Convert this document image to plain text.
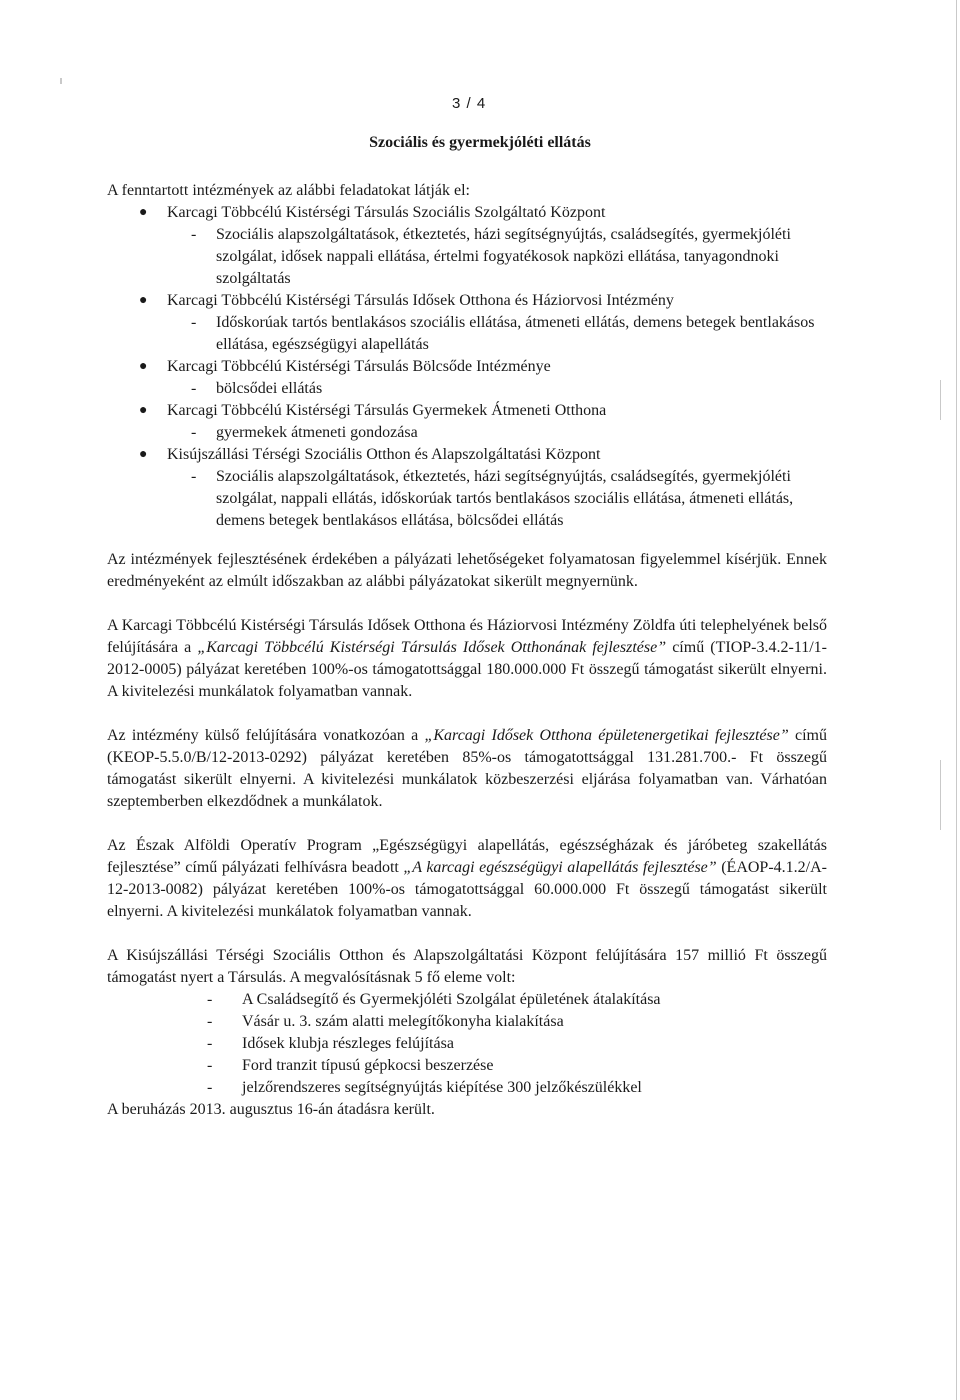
3 / 4
Szociális és gyermekjóléti ellátás

A fenntartott intézmények az alábbi feladatokat látják el:

● Karcagi Többcélú Kistérségi Társulás Szociális Szolgáltató Központ
- Szociális alapszolgáltatások, étkeztetés, házi segítségnyújtás, családsegítés, gyermekjóléti szolgálat, idősek nappali ellátása, értelmi fogyatékosok napközi ellátása, tanyagondnoki szolgáltatás
● Karcagi Többcélú Kistérségi Társulás Idősek Otthona és Háziorvosi Intézmény
- Időskorúak tartós bentlakásos szociális ellátása, átmeneti ellátás, demens betegek bentlakásos ellátása, egészségügyi alapellátás
● Karcagi Többcélú Kistérségi Társulás Bölcsőde Intézménye
- bölcsődei ellátás
● Karcagi Többcélú Kistérségi Társulás Gyermekek Átmeneti Otthona
- gyermekek átmeneti gondozása
● Kisújszállási Térségi Szociális Otthon és Alapszolgáltatási Központ
- Szociális alapszolgáltatások, étkeztetés, házi segítségnyújtás, családsegítés, gyermekjóléti szolgálat, nappali ellátás, időskorúak tartós bentlakásos szociális ellátása, átmeneti ellátás, demens betegek bentlakásos ellátása, bölcsődei ellátás

Az intézmények fejlesztésének érdekében a pályázati lehetőségeket folyamatosan figyelemmel kísérjük. Ennek eredményeként az elmúlt időszakban az alábbi pályázatokat sikerült megnyernünk.

A Karcagi Többcélú Kistérségi Társulás Idősek Otthona és Háziorvosi Intézmény Zöldfa úti telephelyének belső felújítására a „Karcagi Többcélú Kistérségi Társulás Idősek Otthonának fejlesztése” című (TIOP-3.4.2-11/1-2012-0005) pályázat keretében 100%-os támogatottsággal 180.000.000 Ft összegű támogatást sikerült elnyerni. A kivitelezési munkálatok folyamatban vannak.

Az intézmény külső felújítására vonatkozóan a „Karcagi Idősek Otthona épületenergetikai fejlesztése” című (KEOP-5.5.0/B/12-2013-0292) pályázat keretében 85%-os támogatottsággal 131.281.700.- Ft összegű támogatást sikerült elnyerni. A kivitelezési munkálatok közbeszerzési eljárása folyamatban van. Várhatóan szeptemberben elkezdődnek a munkálatok.

Az Észak Alföldi Operatív Program „Egészségügyi alapellátás, egészségházak és járóbeteg szakellátás fejlesztése” című pályázati felhívásra beadott „A karcagi egészségügyi alapellátás fejlesztése” (ÉAOP-4.1.2/A-12-2013-0082) pályázat keretében 100%-os támogatottsággal 60.000.000 Ft összegű támogatást sikerült elnyerni. A kivitelezési munkálatok folyamatban vannak.

A Kisújszállási Térségi Szociális Otthon és Alapszolgáltatási Központ felújítására 157 millió Ft összegű támogatást nyert a Társulás. A megvalósításnak 5 fő eleme volt:

- A Családsegítő és Gyermekjóléti Szolgálat épületének átalakítása
- Vásár u. 3. szám alatti melegítőkonyha kialakítása
- Idősek klubja részleges felújítása
- Ford tranzit típusú gépkocsi beszerzése
- jelzőrendszeres segítségnyújtás kiépítése 300 jelzőkészülékkel

A beruházás 2013. augusztus 16-án átadásra került.
